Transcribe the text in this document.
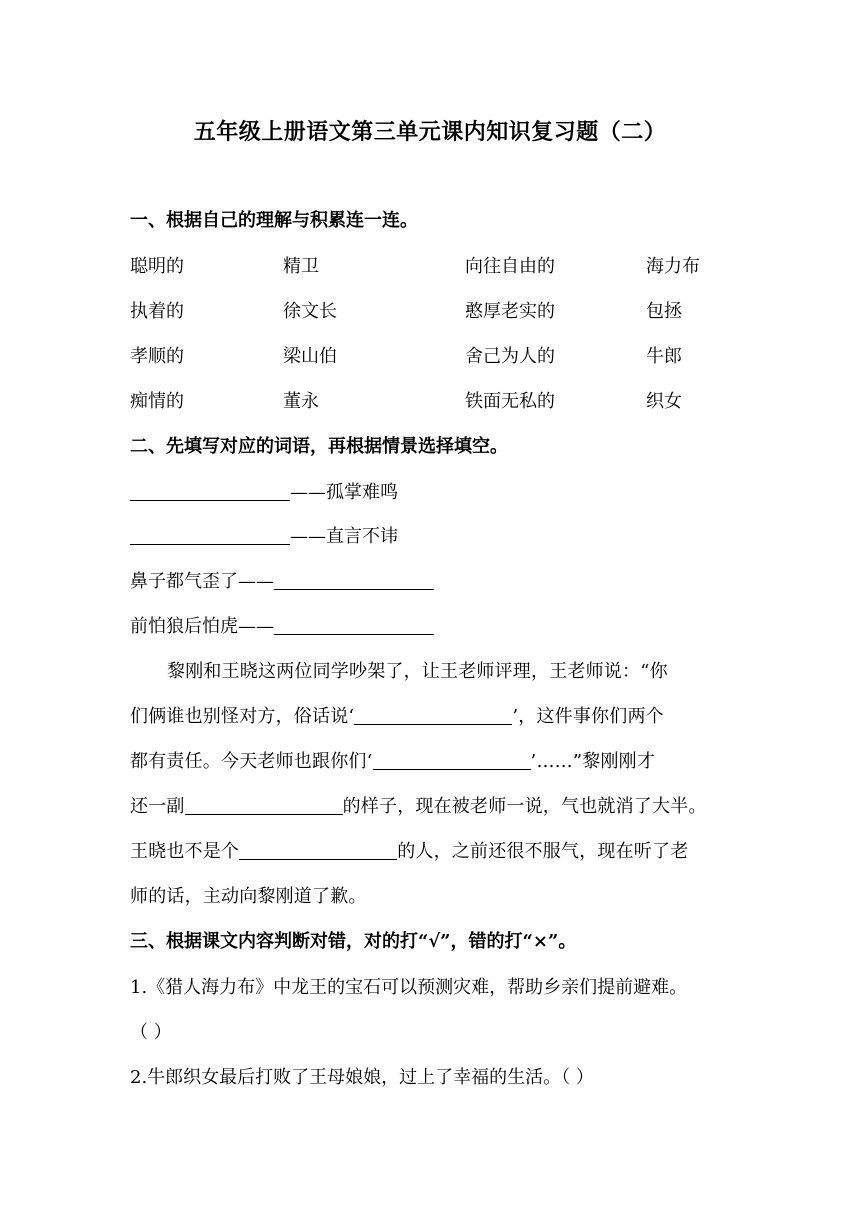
五年级上册语文第三单元课内知识复习题（二）
一、根据自己的理解与积累连一连。
聪明的	精卫	向往自由的	海力布
执着的	徐文长	憨厚老实的	包拯
孝顺的	梁山伯	舍己为人的	牛郎
痴情的	董永	铁面无私的	织女
二、先填写对应的词语，再根据情景选择填空。
——孤掌难鸣
——直言不讳
鼻子都气歪了——
前怕狼后怕虎——
黎刚和王晓这两位同学吵架了，让王老师评理，王老师说：“你
们俩谁也别怪对方，俗话说‘	’，这件事你们两个
都有责任。今天老师也跟你们‘	’……”黎刚刚才
还一副	的样子，现在被老师一说，气也就消了大半。
王晓也不是个	的人，之前还很不服气，现在听了老
师的话，主动向黎刚道了歉。
三、根据课文内容判断对错，对的打“√”，错的打“×”。
1.《猎人海力布》中龙王的宝石可以预测灾难，帮助乡亲们提前避难。
（ ）
2.牛郎织女最后打败了王母娘娘，过上了幸福的生活。（ ）
